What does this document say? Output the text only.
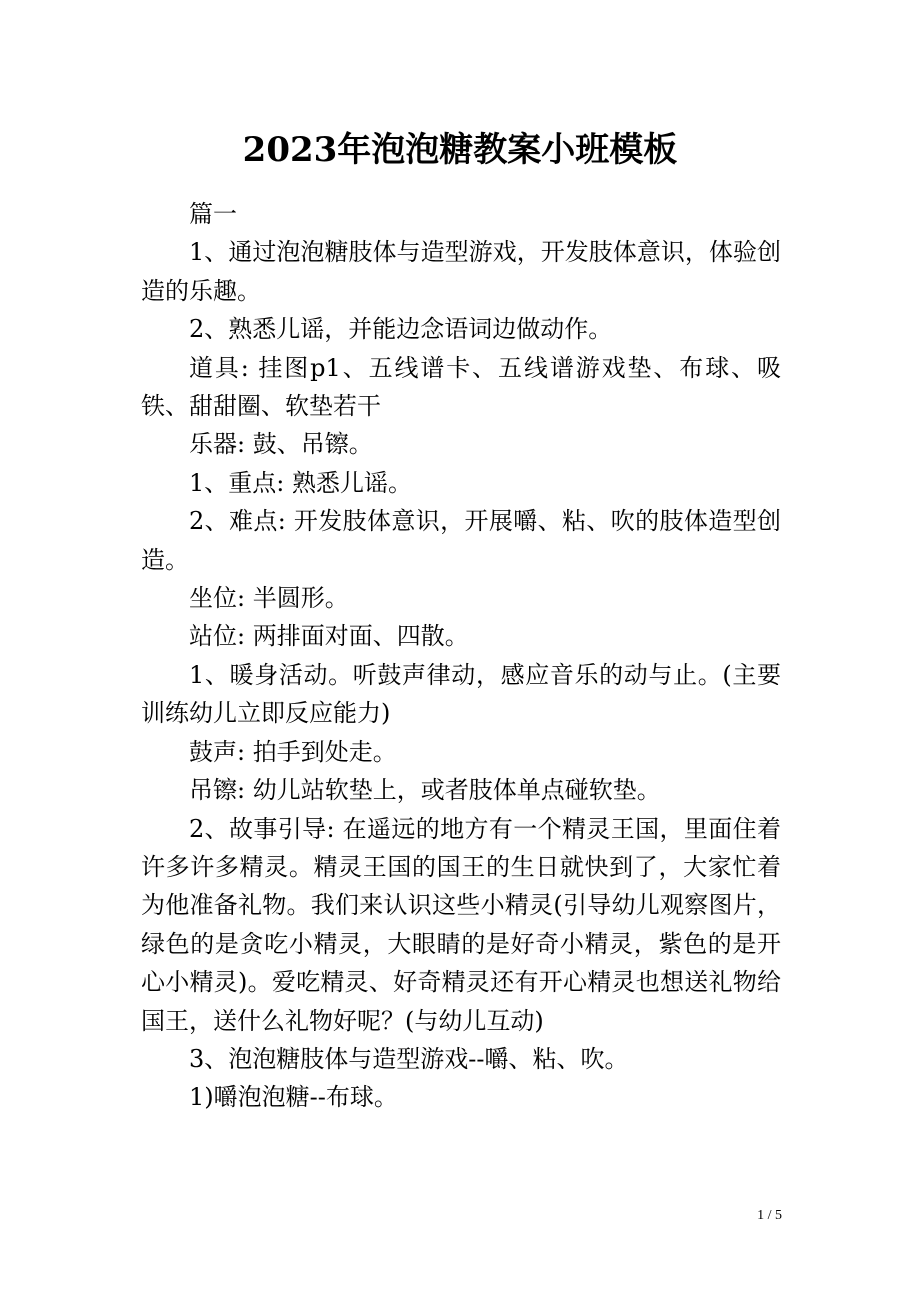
2023年泡泡糖教案小班模板

篇一

1、通过泡泡糖肢体与造型游戏，开发肢体意识，体验创造的乐趣。

2、熟悉儿谣，并能边念语词边做动作。

道具: 挂图p1、五线谱卡、五线谱游戏垫、布球、吸铁、甜甜圈、软垫若干

乐器: 鼓、吊镲。

1、重点: 熟悉儿谣。

2、难点: 开发肢体意识，开展嚼、粘、吹的肢体造型创造。

坐位: 半圆形。

站位: 两排面对面、四散。

1、暖身活动。听鼓声律动，感应音乐的动与止。(主要训练幼儿立即反应能力)

鼓声: 拍手到处走。

吊镲: 幼儿站软垫上，或者肢体单点碰软垫。

2、故事引导: 在遥远的地方有一个精灵王国，里面住着许多许多精灵。精灵王国的国王的生日就快到了，大家忙着为他准备礼物。我们来认识这些小精灵(引导幼儿观察图片，绿色的是贪吃小精灵，大眼睛的是好奇小精灵，紫色的是开心小精灵)。爱吃精灵、好奇精灵还有开心精灵也想送礼物给国王，送什么礼物好呢？(与幼儿互动)

3、泡泡糖肢体与造型游戏--嚼、粘、吹。

1)嚼泡泡糖--布球。

1 / 5
